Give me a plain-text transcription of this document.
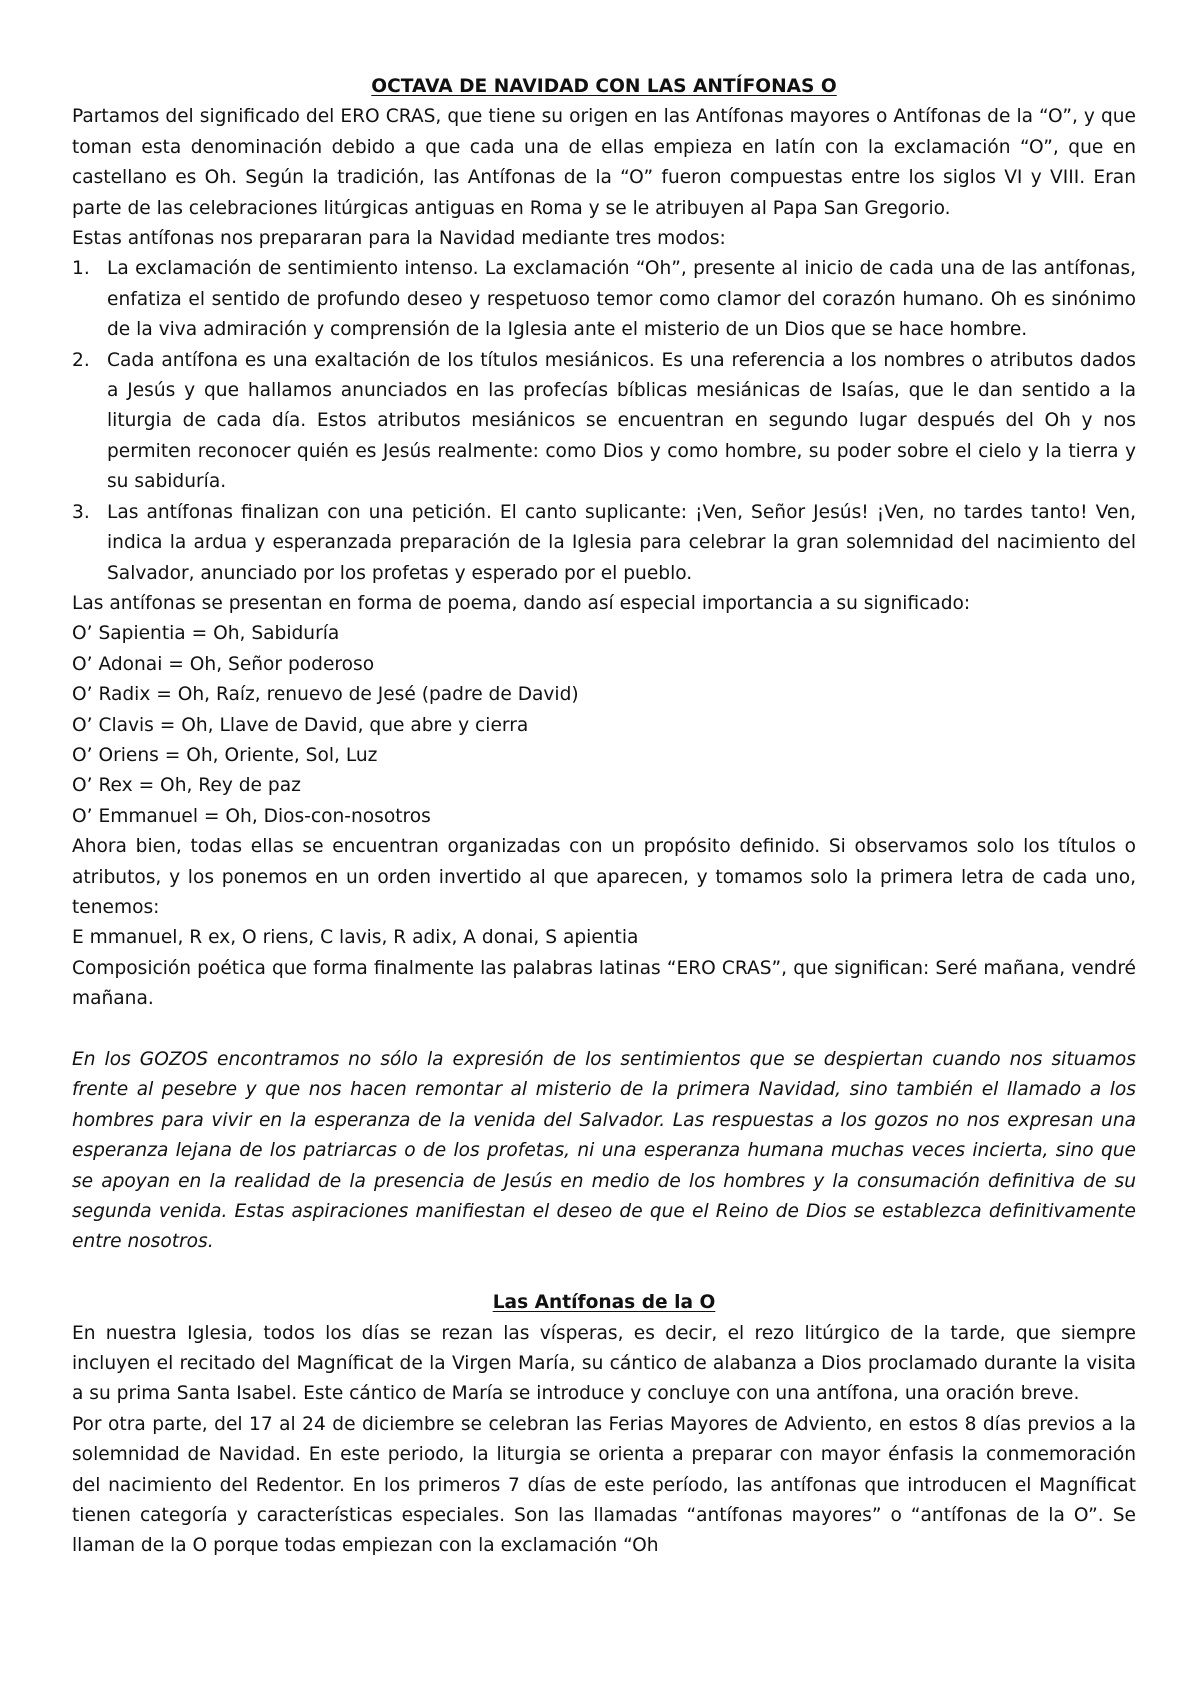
OCTAVA DE NAVIDAD CON LAS ANTÍFONAS O

Partamos del significado del ERO CRAS, que tiene su origen en las Antífonas mayores o Antífonas de la “O”, y que toman esta denominación debido a que cada una de ellas empieza en latín con la exclamación “O”, que en castellano es Oh. Según la tradición, las Antífonas de la “O” fueron compuestas entre los siglos VI y VIII. Eran parte de las celebraciones litúrgicas antiguas en Roma y se le atribuyen al Papa San Gregorio.

Estas antífonas nos prepararan para la Navidad mediante tres modos:

1. La exclamación de sentimiento intenso. La exclamación “Oh”, presente al inicio de cada una de las antífonas, enfatiza el sentido de profundo deseo y respetuoso temor como clamor del corazón humano. Oh es sinónimo de la viva admiración y comprensión de la Iglesia ante el misterio de un Dios que se hace hombre.
2. Cada antífona es una exaltación de los títulos mesiánicos. Es una referencia a los nombres o atributos dados a Jesús y que hallamos anunciados en las profecías bíblicas mesiánicas de Isaías, que le dan sentido a la liturgia de cada día. Estos atributos mesiánicos se encuentran en segundo lugar después del Oh y nos permiten reconocer quién es Jesús realmente: como Dios y como hombre, su poder sobre el cielo y la tierra y su sabiduría.
3. Las antífonas finalizan con una petición. El canto suplicante: ¡Ven, Señor Jesús! ¡Ven, no tardes tanto! Ven, indica la ardua y esperanzada preparación de la Iglesia para celebrar la gran solemnidad del nacimiento del Salvador, anunciado por los profetas y esperado por el pueblo.

Las antífonas se presentan en forma de poema, dando así especial importancia a su significado:

O’ Sapientia = Oh, Sabiduría

O’ Adonai = Oh, Señor poderoso

O’ Radix = Oh, Raíz, renuevo de Jesé (padre de David)

O’ Clavis = Oh, Llave de David, que abre y cierra

O’ Oriens = Oh, Oriente, Sol, Luz

O’ Rex = Oh, Rey de paz

O’ Emmanuel = Oh, Dios-con-nosotros

Ahora bien, todas ellas se encuentran organizadas con un propósito definido. Si observamos solo los títulos o atributos, y los ponemos en un orden invertido al que aparecen, y tomamos solo la primera letra de cada uno, tenemos:

E mmanuel, R ex, O riens, C lavis, R adix, A donai, S apientia

Composición poética que forma finalmente las palabras latinas “ERO CRAS”, que significan: Seré mañana, vendré mañana.

En los GOZOS encontramos no sólo la expresión de los sentimientos que se despiertan cuando nos situamos frente al pesebre y que nos hacen remontar al misterio de la primera Navidad, sino también el llamado a los hombres para vivir en la esperanza de la venida del Salvador. Las respuestas a los gozos no nos expresan una esperanza lejana de los patriarcas o de los profetas, ni una esperanza humana muchas veces incierta, sino que se apoyan en la realidad de la presencia de Jesús en medio de los hombres y la consumación definitiva de su segunda venida. Estas aspiraciones manifiestan el deseo de que el Reino de Dios se establezca definitivamente entre nosotros.

Las Antífonas de la O

En nuestra Iglesia, todos los días se rezan las vísperas, es decir, el rezo litúrgico de la tarde, que siempre incluyen el recitado del Magníficat de la Virgen María, su cántico de alabanza a Dios proclamado durante la visita a su prima Santa Isabel. Este cántico de María se introduce y concluye con una antífona, una oración breve.

Por otra parte, del 17 al 24 de diciembre se celebran las Ferias Mayores de Adviento, en estos 8 días previos a la solemnidad de Navidad. En este periodo, la liturgia se orienta a preparar con mayor énfasis la conmemoración del nacimiento del Redentor. En los primeros 7 días de este período, las antífonas que introducen el Magníficat tienen categoría y características especiales. Son las llamadas “antífonas mayores” o “antífonas de la O”. Se llaman de la O porque todas empiezan con la exclamación “Oh
